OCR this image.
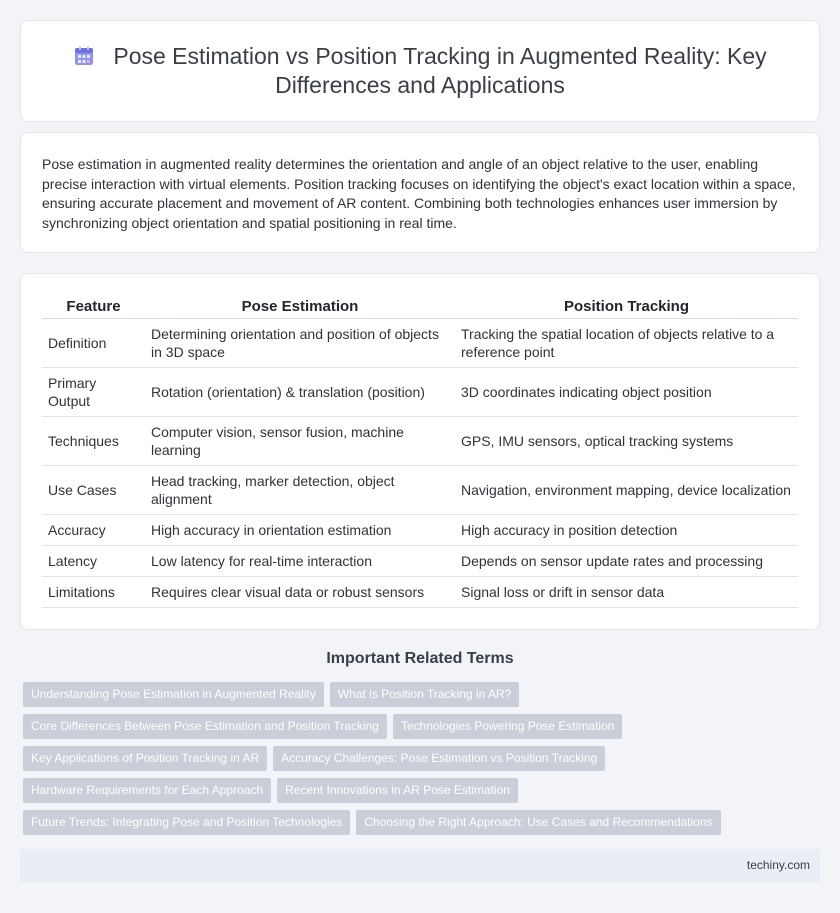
Pose Estimation vs Position Tracking in Augmented Reality: Key Differences and Applications

Pose estimation in augmented reality determines the orientation and angle of an object relative to the user, enabling precise interaction with virtual elements. Position tracking focuses on identifying the object's exact location within a space, ensuring accurate placement and movement of AR content. Combining both technologies enhances user immersion by synchronizing object orientation and spatial positioning in real time.

Feature	Pose Estimation	Position Tracking
Definition	Determining orientation and position of objects in 3D space	Tracking the spatial location of objects relative to a reference point
Primary Output	Rotation (orientation) & translation (position)	3D coordinates indicating object position
Techniques	Computer vision, sensor fusion, machine learning	GPS, IMU sensors, optical tracking systems
Use Cases	Head tracking, marker detection, object alignment	Navigation, environment mapping, device localization
Accuracy	High accuracy in orientation estimation	High accuracy in position detection
Latency	Low latency for real-time interaction	Depends on sensor update rates and processing
Limitations	Requires clear visual data or robust sensors	Signal loss or drift in sensor data
Important Related Terms
Understanding Pose Estimation in Augmented Reality What is Position Tracking in AR?
Core Differences Between Pose Estimation and Position Tracking Technologies Powering Pose Estimation
Key Applications of Position Tracking in AR Accuracy Challenges: Pose Estimation vs Position Tracking
Hardware Requirements for Each Approach Recent Innovations in AR Pose Estimation
Future Trends: Integrating Pose and Position Technologies Choosing the Right Approach: Use Cases and Recommendations
techiny.com
